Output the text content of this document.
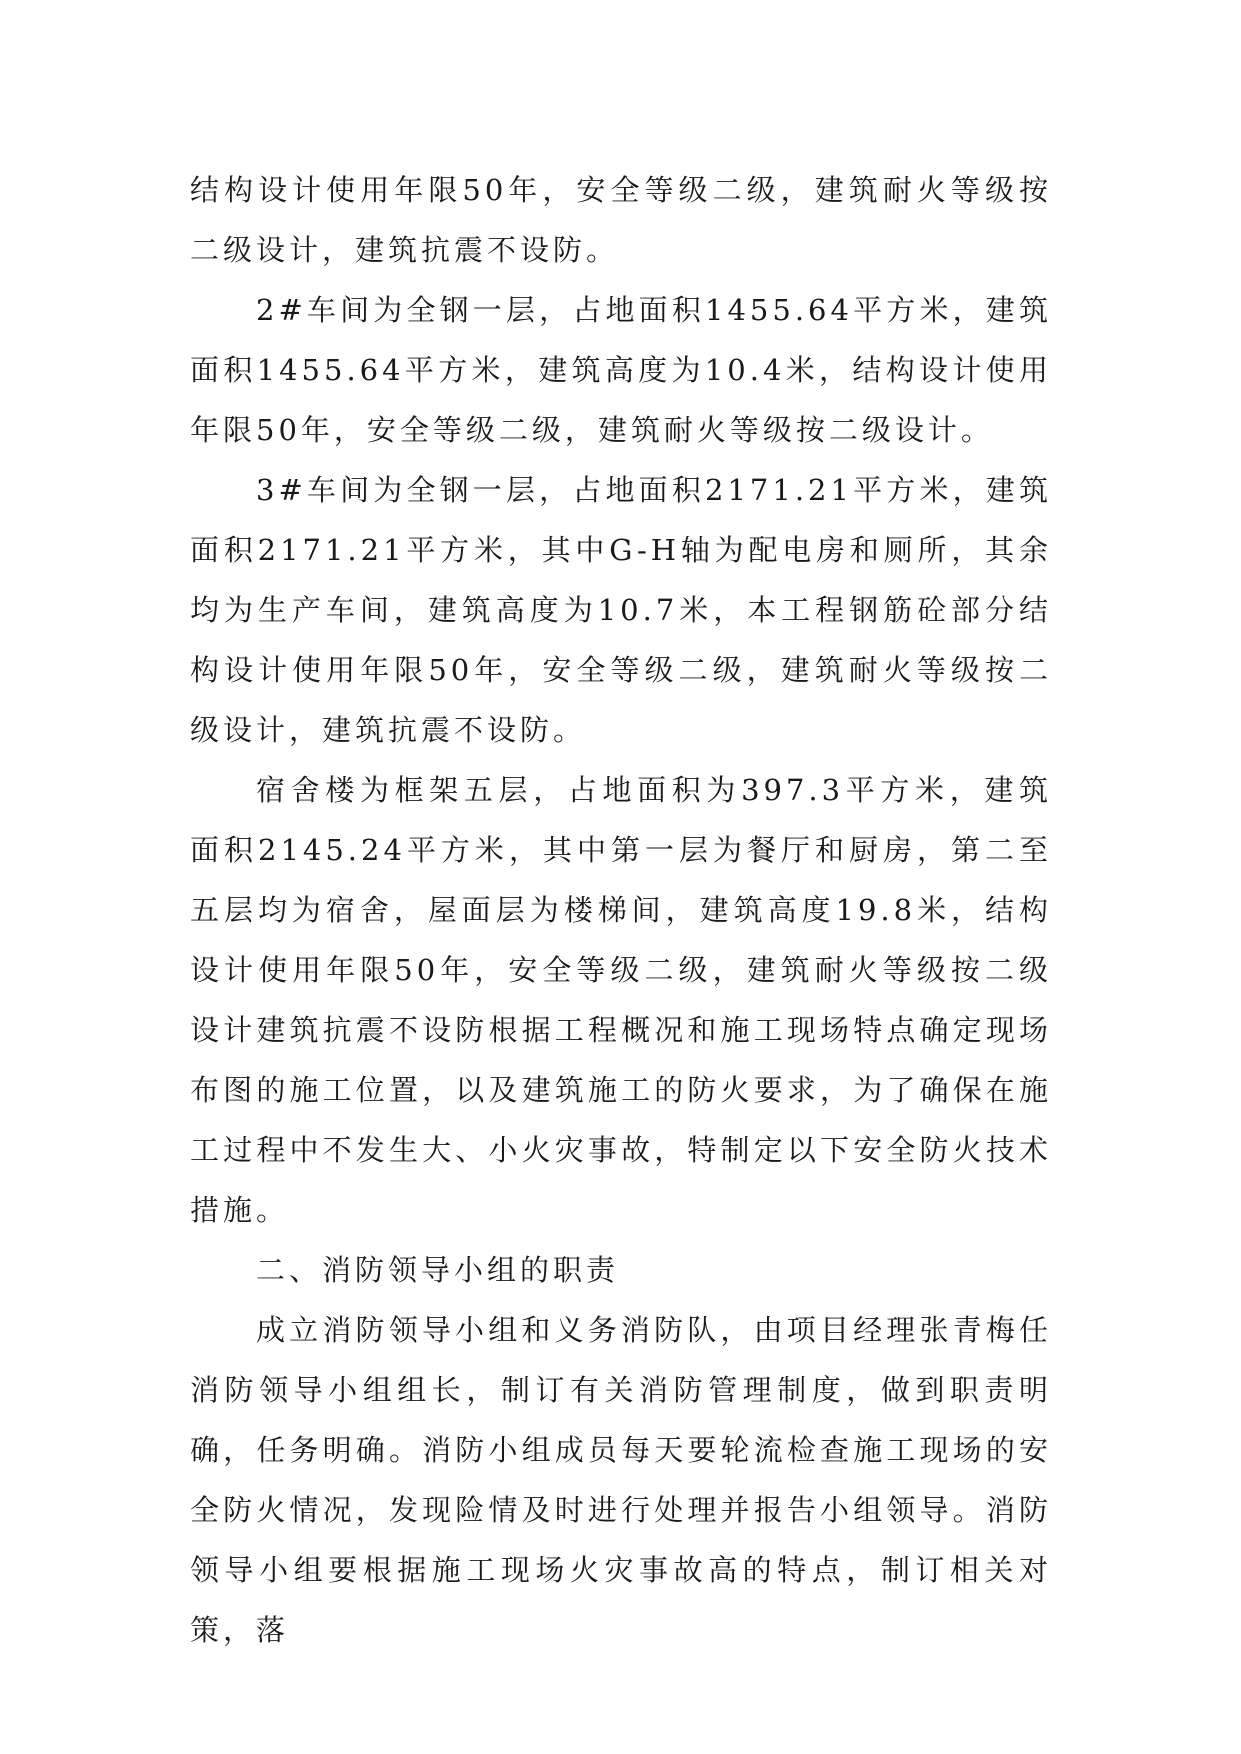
结构设计使用年限50年，安全等级二级，建筑耐火等级按二级设计，建筑抗震不设防。

2#车间为全钢一层，占地面积1455.64平方米，建筑面积1455.64平方米，建筑高度为10.4米，结构设计使用年限50年，安全等级二级，建筑耐火等级按二级设计。

3#车间为全钢一层，占地面积2171.21平方米，建筑面积2171.21平方米，其中G-H轴为配电房和厕所，其余均为生产车间，建筑高度为10.7米，本工程钢筋砼部分结构设计使用年限50年，安全等级二级，建筑耐火等级按二级设计，建筑抗震不设防。

宿舍楼为框架五层，占地面积为397.3平方米，建筑面积2145.24平方米，其中第一层为餐厅和厨房，第二至五层均为宿舍，屋面层为楼梯间，建筑高度19.8米，结构设计使用年限50年，安全等级二级，建筑耐火等级按二级设计建筑抗震不设防根据工程概况和施工现场特点确定现场布图的施工位置，以及建筑施工的防火要求，为了确保在施工过程中不发生大、小火灾事故，特制定以下安全防火技术措施。

二、消防领导小组的职责

成立消防领导小组和义务消防队，由项目经理张青梅任消防领导小组组长，制订有关消防管理制度，做到职责明确，任务明确。消防小组成员每天要轮流检查施工现场的安全防火情况，发现险情及时进行处理并报告小组领导。消防领导小组要根据施工现场火灾事故高的特点，制订相关对策，落
